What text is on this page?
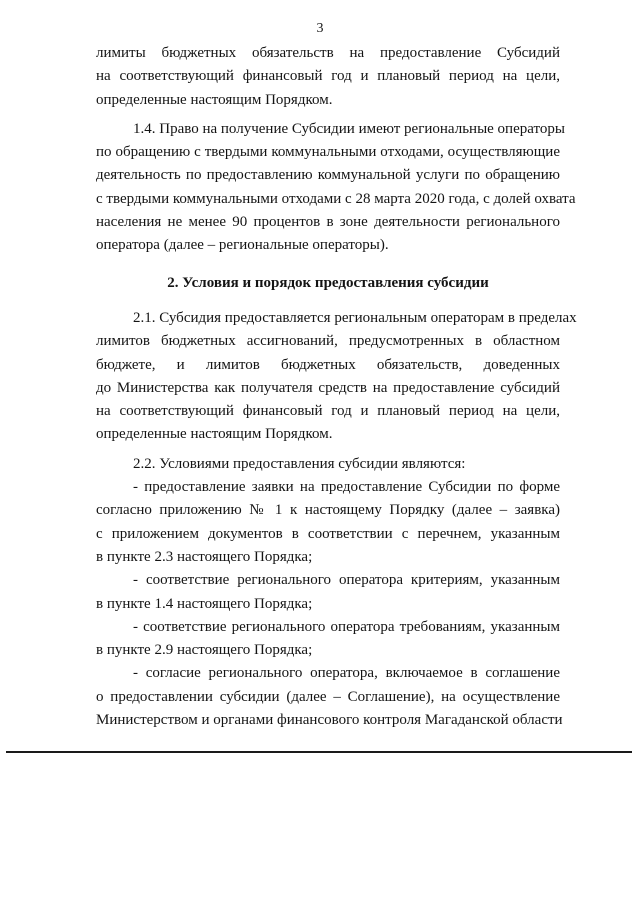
3
лимиты бюджетных обязательств на предоставление Субсидий
на соответствующий финансовый год и плановый период на цели,
определенные настоящим Порядком.
1.4. Право на получение Субсидии имеют региональные операторы
по обращению с твердыми коммунальными отходами, осуществляющие
деятельность по предоставлению коммунальной услуги по обращению
с твердыми коммунальными отходами с 28 марта 2020 года, с долей охвата
населения не менее 90 процентов в зоне деятельности регионального
оператора (далее – региональные операторы).
2. Условия и порядок предоставления субсидии
2.1. Субсидия предоставляется региональным операторам в пределах
лимитов бюджетных ассигнований, предусмотренных в областном
бюджете, и лимитов бюджетных обязательств, доведенных
до Министерства как получателя средств на предоставление субсидий
на соответствующий финансовый год и плановый период на цели,
определенные настоящим Порядком.
2.2. Условиями предоставления субсидии являются:
- предоставление заявки на предоставление Субсидии по форме
согласно приложению № 1 к настоящему Порядку (далее – заявка)
с приложением документов в соответствии с перечнем, указанным
в пункте 2.3 настоящего Порядка;
- соответствие регионального оператора критериям, указанным
в пункте 1.4 настоящего Порядка;
- соответствие регионального оператора требованиям, указанным
в пункте 2.9 настоящего Порядка;
- согласие регионального оператора, включаемое в соглашение
о предоставлении субсидии (далее – Соглашение), на осуществление
Министерством и органами финансового контроля Магаданской области
